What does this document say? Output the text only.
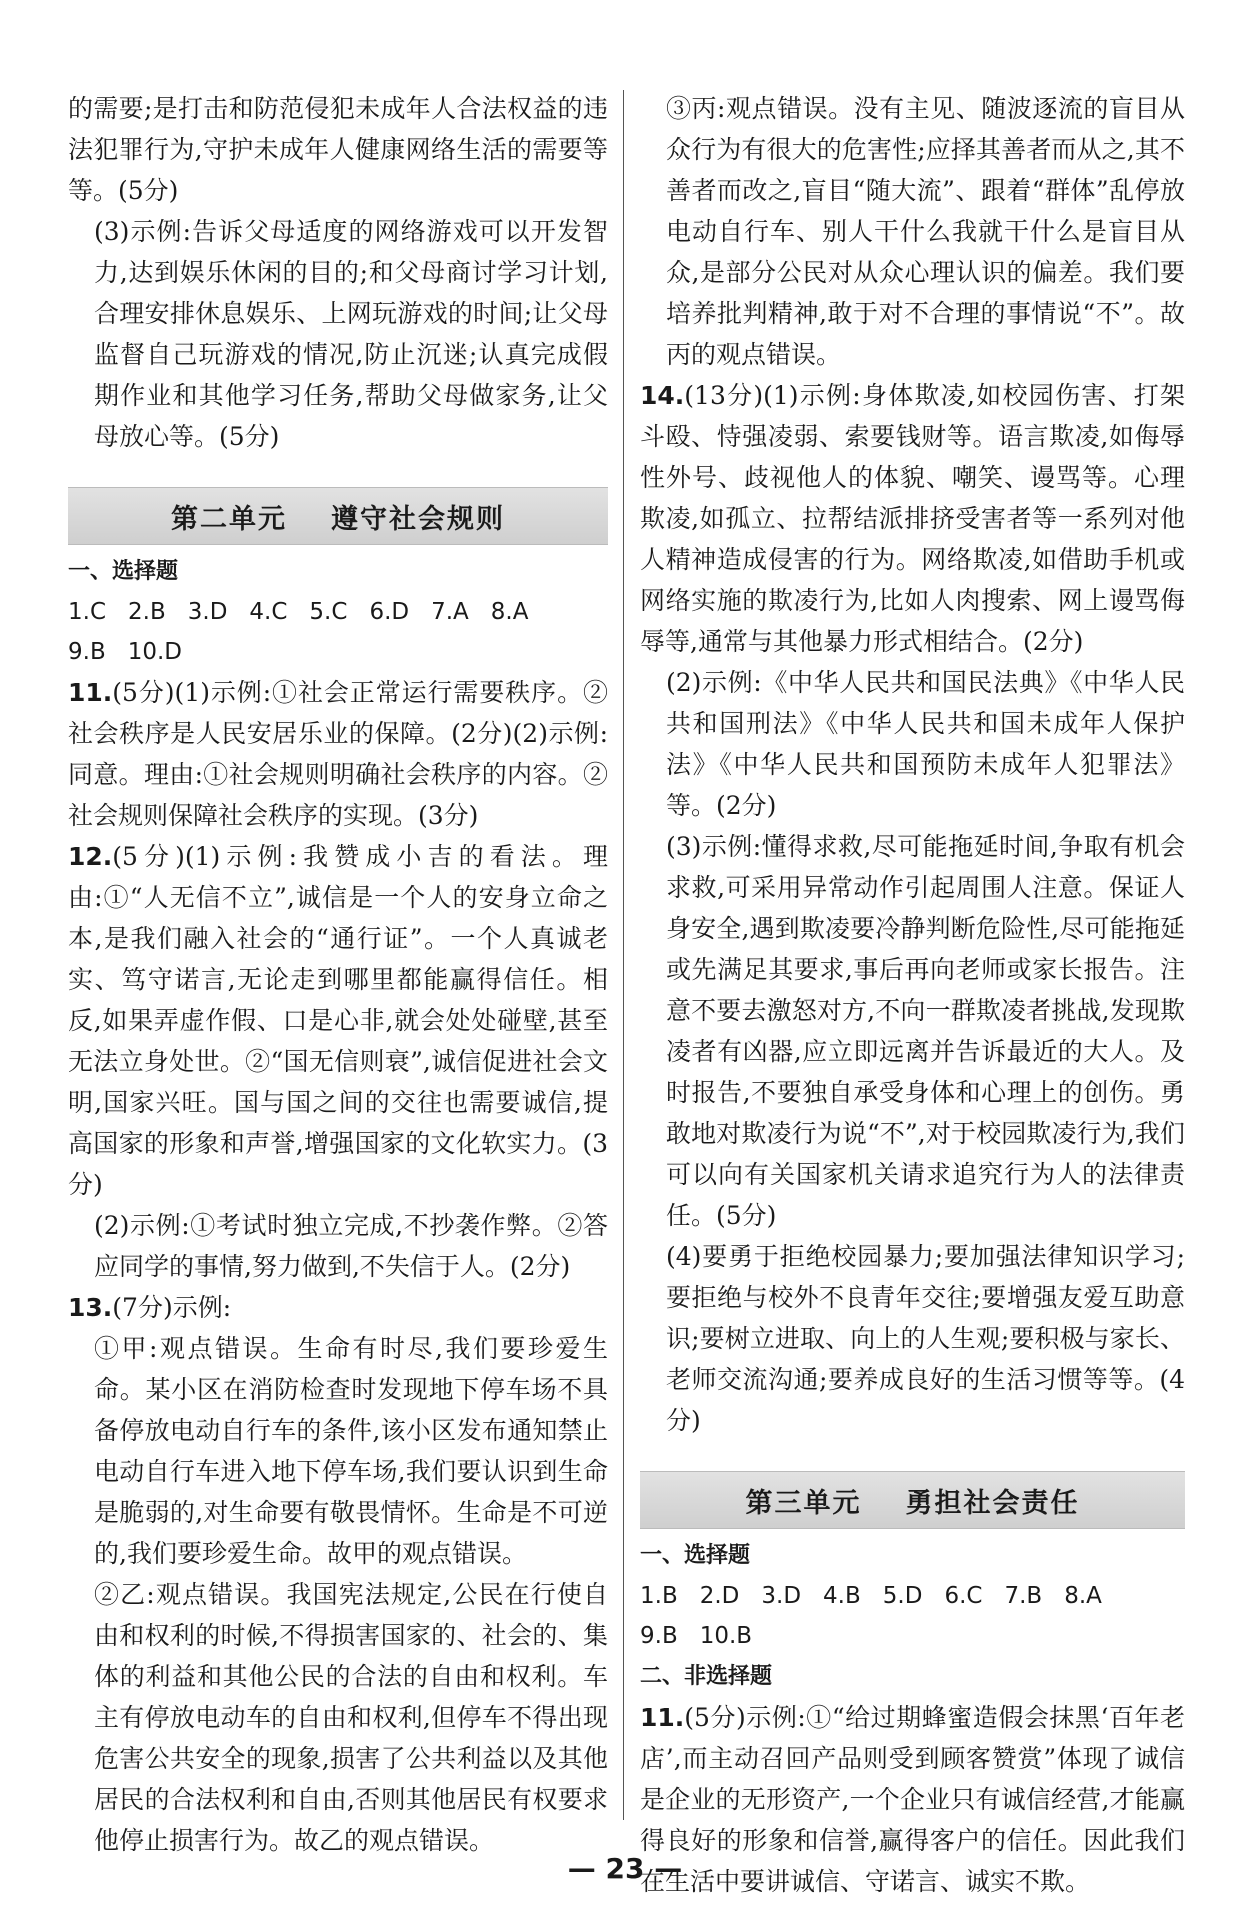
的需要;是打击和防范侵犯未成年人合法权益的违法犯罪行为,守护未成年人健康网络生活的需要等等。(5分)

(3)示例:告诉父母适度的网络游戏可以开发智力,达到娱乐休闲的目的;和父母商讨学习计划,合理安排休息娱乐、上网玩游戏的时间;让父母监督自己玩游戏的情况,防止沉迷;认真完成假期作业和其他学习任务,帮助父母做家务,让父母放心等。(5分)

第二单元 遵守社会规则

一、选择题

1.C 2.B 3.D 4.C 5.C 6.D 7.A 8.A

9.B 10.D

11.(5分)(1)示例:①社会正常运行需要秩序。②社会秩序是人民安居乐业的保障。(2分)(2)示例:同意。理由:①社会规则明确社会秩序的内容。②社会规则保障社会秩序的实现。(3分)

12.(5分)(1)示例:我赞成小吉的看法。理由:①“人无信不立”,诚信是一个人的安身立命之本,是我们融入社会的“通行证”。一个人真诚老实、笃守诺言,无论走到哪里都能赢得信任。相反,如果弄虚作假、口是心非,就会处处碰壁,甚至无法立身处世。②“国无信则衰”,诚信促进社会文明,国家兴旺。国与国之间的交往也需要诚信,提高国家的形象和声誉,增强国家的文化软实力。(3分)

(2)示例:①考试时独立完成,不抄袭作弊。②答应同学的事情,努力做到,不失信于人。(2分)

13.(7分)示例:

①甲:观点错误。生命有时尽,我们要珍爱生命。某小区在消防检查时发现地下停车场不具备停放电动自行车的条件,该小区发布通知禁止电动自行车进入地下停车场,我们要认识到生命是脆弱的,对生命要有敬畏情怀。生命是不可逆的,我们要珍爱生命。故甲的观点错误。

②乙:观点错误。我国宪法规定,公民在行使自由和权利的时候,不得损害国家的、社会的、集体的利益和其他公民的合法的自由和权利。车主有停放电动车的自由和权利,但停车不得出现危害公共安全的现象,损害了公共利益以及其他居民的合法权利和自由,否则其他居民有权要求他停止损害行为。故乙的观点错误。

③丙:观点错误。没有主见、随波逐流的盲目从众行为有很大的危害性;应择其善者而从之,其不善者而改之,盲目“随大流”、跟着“群体”乱停放电动自行车、别人干什么我就干什么是盲目从众,是部分公民对从众心理认识的偏差。我们要培养批判精神,敢于对不合理的事情说“不”。故丙的观点错误。

14.(13分)(1)示例:身体欺凌,如校园伤害、打架斗殴、恃强凌弱、索要钱财等。语言欺凌,如侮辱性外号、歧视他人的体貌、嘲笑、谩骂等。心理欺凌,如孤立、拉帮结派排挤受害者等一系列对他人精神造成侵害的行为。网络欺凌,如借助手机或网络实施的欺凌行为,比如人肉搜索、网上谩骂侮辱等,通常与其他暴力形式相结合。(2分)

(2)示例:《中华人民共和国民法典》《中华人民共和国刑法》《中华人民共和国未成年人保护法》《中华人民共和国预防未成年人犯罪法》等。(2分)

(3)示例:懂得求救,尽可能拖延时间,争取有机会求救,可采用异常动作引起周围人注意。保证人身安全,遇到欺凌要冷静判断危险性,尽可能拖延或先满足其要求,事后再向老师或家长报告。注意不要去激怒对方,不向一群欺凌者挑战,发现欺凌者有凶器,应立即远离并告诉最近的大人。及时报告,不要独自承受身体和心理上的创伤。勇敢地对欺凌行为说“不”,对于校园欺凌行为,我们可以向有关国家机关请求追究行为人的法律责任。(5分)

(4)要勇于拒绝校园暴力;要加强法律知识学习;要拒绝与校外不良青年交往;要增强友爱互助意识;要树立进取、向上的人生观;要积极与家长、老师交流沟通;要养成良好的生活习惯等等。(4分)

第三单元 勇担社会责任

一、选择题

1.B 2.D 3.D 4.B 5.D 6.C 7.B 8.A

9.B 10.B

二、非选择题

11.(5分)示例:①“给过期蜂蜜造假会抹黑‘百年老店’,而主动召回产品则受到顾客赞赏”体现了诚信是企业的无形资产,一个企业只有诚信经营,才能赢得良好的形象和信誉,赢得客户的信任。因此我们在生活中要讲诚信、守诺言、诚实不欺。

— 23 —
